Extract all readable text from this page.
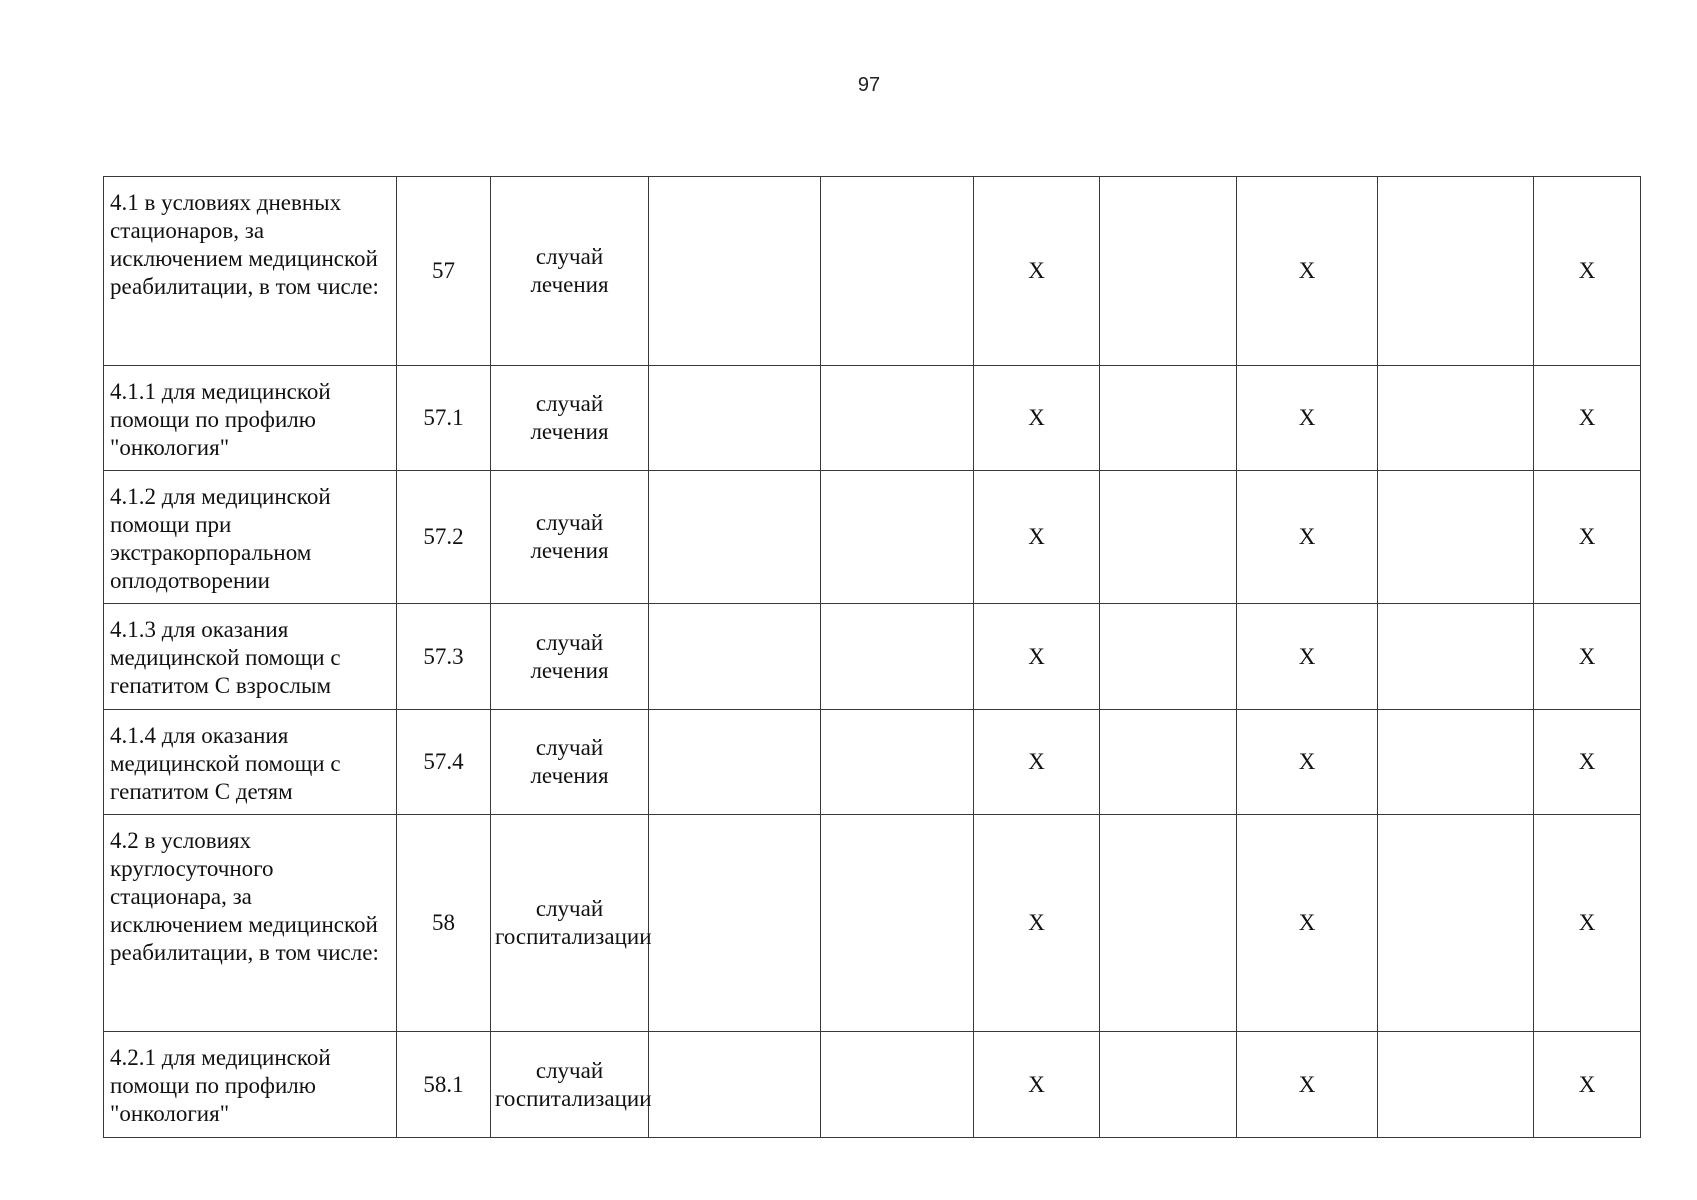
97
4.1 в условиях дневных стационаров, за исключением медицинской реабилитации, в том числе:	57	случай лечения			X		X		X
4.1.1 для медицинской помощи по профилю "онкология"	57.1	случай лечения			X		X		X
4.1.2 для медицинской помощи при экстракорпоральном оплодотворении	57.2	случай лечения			X		X		X
4.1.3 для оказания медицинской помощи с гепатитом С взрослым	57.3	случай лечения			X		X		X
4.1.4 для оказания медицинской помощи с гепатитом С детям	57.4	случай лечения			X		X		X
4.2 в условиях круглосуточного стационара, за исключением медицинской реабилитации, в том числе:	58	случай госпитализации			X		X		X
4.2.1 для медицинской помощи по профилю "онкология"	58.1	случай госпитализации			X		X		X
